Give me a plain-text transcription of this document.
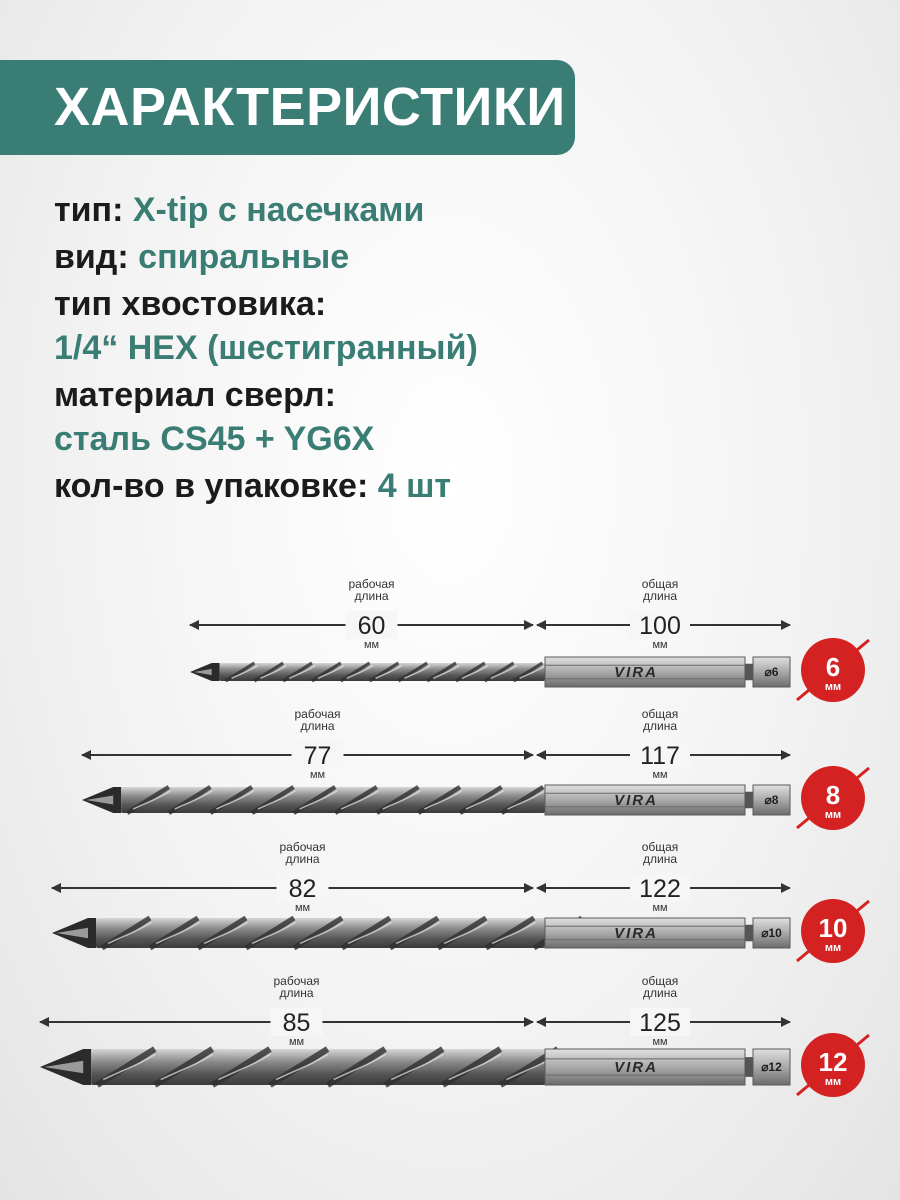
ХАРАКТЕРИСТИКИ
тип: X-tip с насечками
вид: спиральные
тип хвостовика:
1/4“ HEX (шестигранный)
материал сверл:
сталь CS45 + YG6X
кол-во в упаковке: 4 шт
рабочая
длина
60
мм
общая
длина
100
мм
VIRA	⌀6 6
мм
рабочая
длина
77
мм
общая
длина
117
мм
VIRA	⌀8 8
мм
рабочая
длина
82
мм
общая
длина
122
мм
VIRA	⌀10 10
мм
рабочая
длина
85
мм
общая
длина
125
мм
VIRA	⌀12 12
мм
